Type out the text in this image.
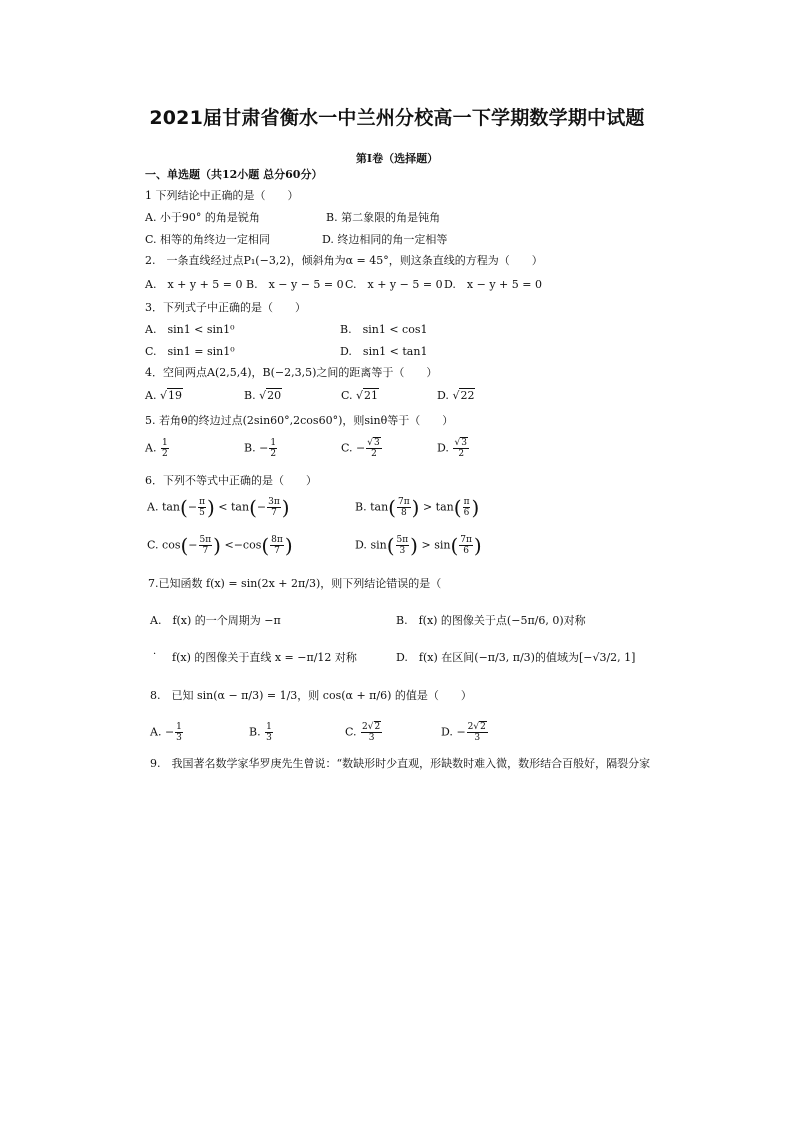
2021届甘肃省衡水一中兰州分校高一下学期数学期中试题
第Ⅰ卷（选择题）
一、单选题（共12小题 总分60分）
1 下列结论中正确的是（　　）
A. 小于90° 的角是锐角	B. 第二象限的角是钝角
C. 相等的角终边一定相同	D. 终边相同的角一定相等
2.　一条直线经过点P₁(−3,2)，倾斜角为α = 45°，则这条直线的方程为（　　）
A.　x + y + 5 = 0 B.　x − y − 5 = 0 C.　x + y − 5 = 0 D.　x − y + 5 = 0
3．下列式子中正确的是（　　）
A.　sin1 < sin1⁰	B.　sin1 < cos1
C.　sin1 = sin1⁰	D.　sin1 < tan1
4．空间两点A(2,5,4)，B(−2,3,5)之间的距离等于（　　）
A. √19	B. √20	C. √21	D. √22
5. 若角θ的终边过点(2sin60°,2cos60°)，则sinθ等于（　　）
A. $\frac{1}{2}$	B. − $\frac{1}{2}$	C. − $\frac{√3}{2}$	D. $\frac{√3}{2}$
6．下列不等式中正确的是（　　）
A. $\tan(- \frac{\pi}{5}$ ) < $\tan(- \frac{3\pi}{7}$ )	B. $\tan( \frac{7\pi}{8}$ ) > $\tan( \frac{\pi}{6}$ )
C. $\cos(- \frac{5\pi}{7}$ ) $<-\cos( \frac{8\pi}{7}$ )	D. $\sin( \frac{5\pi}{3}$ ) > $\sin( \frac{7\pi}{6}$ )
7.已知函数 f(x) = sin(2x + 2π/3)，则下列结论错误的是（
A.　f(x) 的一个周期为 −π	B.　f(x) 的图像关于点(−5π/6, 0)对称
· f(x) 的图像关于直线 x = −π/12 对称	D.　f(x) 在区间(−π/3, π/3)的值域为[−√3/2, 1]
8.　已知 sin(α − π/3) = 1/3，则 cos(α + π/6) 的值是（　　）
A. − $\frac{1}{3}$	B. $\frac{1}{3}$	C. $\frac{2√2}{3}$	D. − $\frac{2√2}{3}$
9.　我国著名数学家华罗庚先生曾说：“数缺形时少直观，形缺数时难入微，数形结合百般好，隔裂分家
